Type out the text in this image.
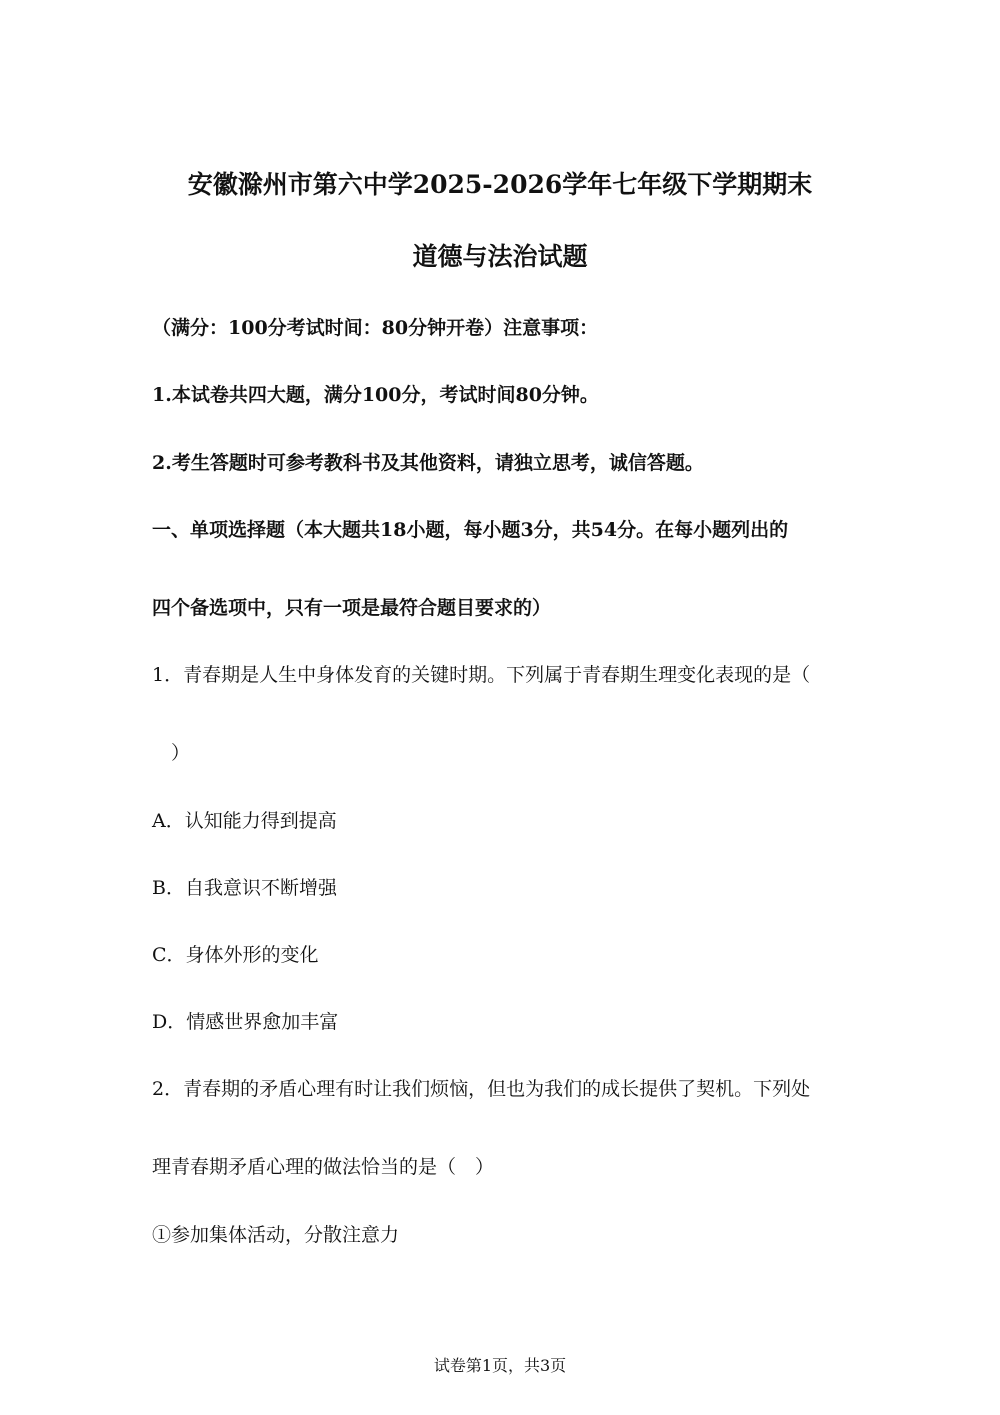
安徽滁州市第六中学2025-2026学年七年级下学期期末
道德与法治试题
（满分：100分考试时间：80分钟开卷）注意事项：
1.本试卷共四大题，满分100分，考试时间80分钟。
2.考生答题时可参考教科书及其他资料，请独立思考，诚信答题。
一、单项选择题（本大题共18小题，每小题3分，共54分。在每小题列出的
四个备选项中，只有一项是最符合题目要求的）
1．青春期是人生中身体发育的关键时期。下列属于青春期生理变化表现的是（
　）
A．认知能力得到提高
B．自我意识不断增强
C．身体外形的变化
D．情感世界愈加丰富
2．青春期的矛盾心理有时让我们烦恼，但也为我们的成长提供了契机。下列处
理青春期矛盾心理的做法恰当的是（　）
①参加集体活动，分散注意力
试卷第1页，共3页
